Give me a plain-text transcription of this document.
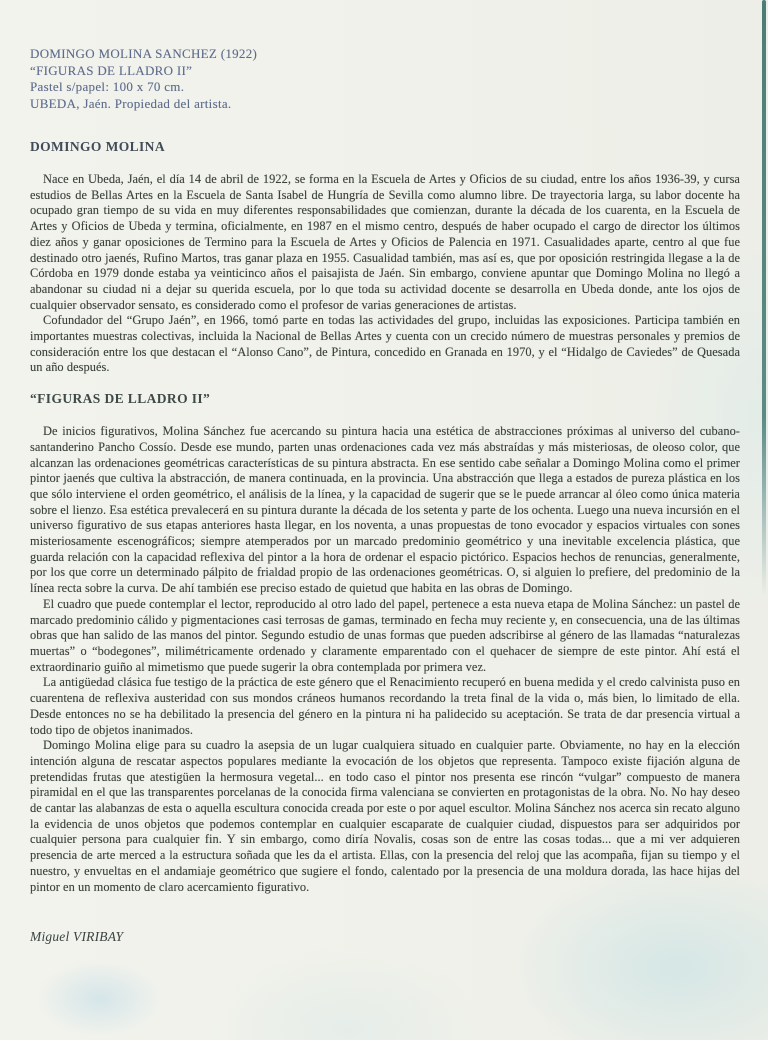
DOMINGO MOLINA SANCHEZ (1922)
“FIGURAS DE LLADRO II”
Pastel s/papel: 100 x 70 cm.
UBEDA, Jaén. Propiedad del artista.
DOMINGO MOLINA

Nace en Ubeda, Jaén, el día 14 de abril de 1922, se forma en la Escuela de Artes y Oficios de su ciudad, entre los años 1936-39, y cursa estudios de Bellas Artes en la Escuela de Santa Isabel de Hungría de Sevilla como alumno libre. De trayectoria larga, su labor docente ha ocupado gran tiempo de su vida en muy diferentes responsabilidades que comienzan, durante la década de los cuarenta, en la Escuela de Artes y Oficios de Ubeda y termina, oficialmente, en 1987 en el mismo centro, después de haber ocupado el cargo de director los últimos diez años y ganar oposiciones de Termino para la Escuela de Artes y Oficios de Palencia en 1971. Casualidades aparte, centro al que fue destinado otro jaenés, Rufino Martos, tras ganar plaza en 1955. Casualidad también, mas así es, que por oposición restringida llegase a la de Córdoba en 1979 donde estaba ya veinticinco años el paisajista de Jaén. Sin embargo, conviene apuntar que Domingo Molina no llegó a abandonar su ciudad ni a dejar su querida escuela, por lo que toda su actividad docente se desarrolla en Ubeda donde, ante los ojos de cualquier observador sensato, es considerado como el profesor de varias generaciones de artistas.

Cofundador del “Grupo Jaén”, en 1966, tomó parte en todas las actividades del grupo, incluidas las exposiciones. Participa también en importantes muestras colectivas, incluida la Nacional de Bellas Artes y cuenta con un crecido número de muestras personales y premios de consideración entre los que destacan el “Alonso Cano”, de Pintura, concedido en Granada en 1970, y el “Hidalgo de Caviedes” de Quesada un año después.

“FIGURAS DE LLADRO II”

De inicios figurativos, Molina Sánchez fue acercando su pintura hacia una estética de abstracciones próximas al universo del cubano-santanderino Pancho Cossío. Desde ese mundo, parten unas ordenaciones cada vez más abstraídas y más misteriosas, de oleoso color, que alcanzan las ordenaciones geométricas características de su pintura abstracta. En ese sentido cabe señalar a Domingo Molina como el primer pintor jaenés que cultiva la abstracción, de manera continuada, en la provincia. Una abstracción que llega a estados de pureza plástica en los que sólo interviene el orden geométrico, el análisis de la línea, y la capacidad de sugerir que se le puede arrancar al óleo como única materia sobre el lienzo. Esa estética prevalecerá en su pintura durante la década de los setenta y parte de los ochenta. Luego una nueva incursión en el universo figurativo de sus etapas anteriores hasta llegar, en los noventa, a unas propuestas de tono evocador y espacios virtuales con sones misteriosamente escenográficos; siempre atemperados por un marcado predominio geométrico y una inevitable excelencia plástica, que guarda relación con la capacidad reflexiva del pintor a la hora de ordenar el espacio pictórico. Espacios hechos de renuncias, generalmente, por los que corre un determinado pálpito de frialdad propio de las ordenaciones geométricas. O, si alguien lo prefiere, del predominio de la línea recta sobre la curva. De ahí también ese preciso estado de quietud que habita en las obras de Domingo.

El cuadro que puede contemplar el lector, reproducido al otro lado del papel, pertenece a esta nueva etapa de Molina Sánchez: un pastel de marcado predominio cálido y pigmentaciones casi terrosas de gamas, terminado en fecha muy reciente y, en consecuencia, una de las últimas obras que han salido de las manos del pintor. Segundo estudio de unas formas que pueden adscribirse al género de las llamadas “naturalezas muertas” o “bodegones”, milimétricamente ordenado y claramente emparentado con el quehacer de siempre de este pintor. Ahí está el extraordinario guiño al mimetismo que puede sugerir la obra contemplada por primera vez.

La antigüedad clásica fue testigo de la práctica de este género que el Renacimiento recuperó en buena medida y el credo calvinista puso en cuarentena de reflexiva austeridad con sus mondos cráneos humanos recordando la treta final de la vida o, más bien, lo limitado de ella. Desde entonces no se ha debilitado la presencia del género en la pintura ni ha palidecido su aceptación. Se trata de dar presencia virtual a todo tipo de objetos inanimados.

Domingo Molina elige para su cuadro la asepsia de un lugar cualquiera situado en cualquier parte. Obviamente, no hay en la elección intención alguna de rescatar aspectos populares mediante la evocación de los objetos que representa. Tampoco existe fijación alguna de pretendidas frutas que atestigüen la hermosura vegetal... en todo caso el pintor nos presenta ese rincón “vulgar” compuesto de manera piramidal en el que las transparentes porcelanas de la conocida firma valenciana se convierten en protagonistas de la obra. No. No hay deseo de cantar las alabanzas de esta o aquella escultura conocida creada por este o por aquel escultor. Molina Sánchez nos acerca sin recato alguno la evidencia de unos objetos que podemos contemplar en cualquier escaparate de cualquier ciudad, dispuestos para ser adquiridos por cualquier persona para cualquier fin. Y sin embargo, como diría Novalis, cosas son de entre las cosas todas... que a mi ver adquieren presencia de arte merced a la estructura soñada que les da el artista. Ellas, con la presencia del reloj que las acompaña, fijan su tiempo y el nuestro, y envueltas en el andamiaje geométrico que sugiere el fondo, calentado por la presencia de una moldura dorada, las hace hijas del pintor en un momento de claro acercamiento figurativo.

Miguel VIRIBAY
